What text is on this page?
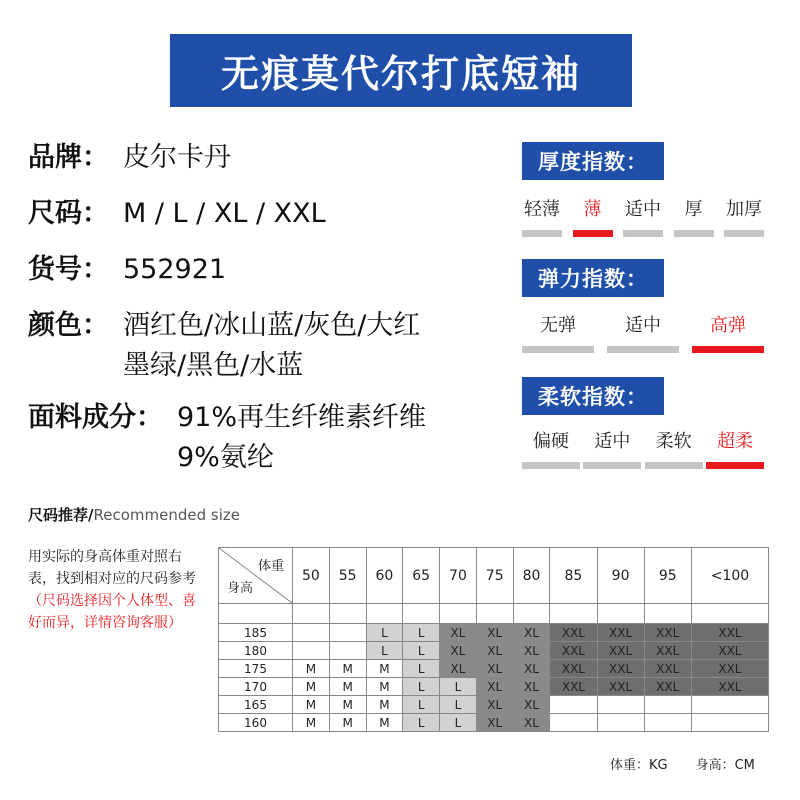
无痕莫代尔打底短袖
品牌： 皮尔卡丹
尺码： M / L / XL / XXL
货号： 552921
颜色： 酒红色/冰山蓝/灰色/大红
墨绿/黑色/水蓝
面料成分： 91%再生纤维素纤维
9%氨纶
厚度指数：
轻薄 薄 适中 厚 加厚
弹力指数：
无弹	适中	高弹
柔软指数：
偏硬 适中 柔软 超柔
尺码推荐/Recommended size
用实际的身高体重对照右表，找到相对应的尺码参考（尺码选择因个人体型、喜好而异，详情咨询客服）
体重
身高	50	55	60	65	70	75	80	85	90	95	<100

185			L	L	XL	XL	XL	XXL	XXL	XXL	XXL
180			L	L	XL	XL	XL	XXL	XXL	XXL	XXL
175	M	M	M	L	XL	XL	XL	XXL	XXL	XXL	XXL
170	M	M	M	L	L	XL	XL	XXL	XXL	XXL	XXL
165	M	M	M	L	L	XL	XL				
160	M	M	M	L	L	XL	XL				
体重：KG 身高：CM
